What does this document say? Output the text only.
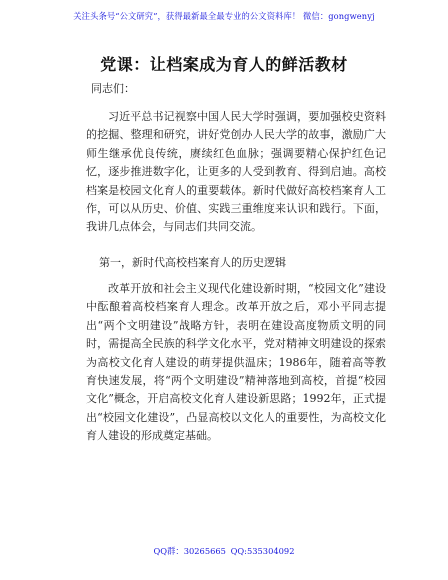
关注头条号“公文研究”，获得最新最全最专业的公文资料库！ 微信：gongwenyj
党课：让档案成为育人的鲜活教材
同志们：

习近平总书记视察中国人民大学时强调，要加强校史资料的挖掘、整理和研究，讲好党创办人民大学的故事，激励广大师生继承优良传统，赓续红色血脉；强调要精心保护红色记忆，逐步推进数字化，让更多的人受到教育、得到启迪。高校档案是校园文化育人的重要载体。新时代做好高校档案育人工作，可以从历史、价值、实践三重维度来认识和践行。下面，我讲几点体会，与同志们共同交流。

第一，新时代高校档案育人的历史逻辑

改革开放和社会主义现代化建设新时期，“校园文化”建设中酝酿着高校档案育人理念。改革开放之后，邓小平同志提出“两个文明建设”战略方针，表明在建设高度物质文明的同时，需提高全民族的科学文化水平，党对精神文明建设的探索为高校文化育人建设的萌芽提供温床；1986年，随着高等教育快速发展，将“两个文明建设”精神落地到高校，首提“校园文化”概念，开启高校文化育人建设新思路；1992年，正式提出“校园文化建设”，凸显高校以文化人的重要性，为高校文化育人建设的形成奠定基础。

QQ群：30265665 QQ:535304092
